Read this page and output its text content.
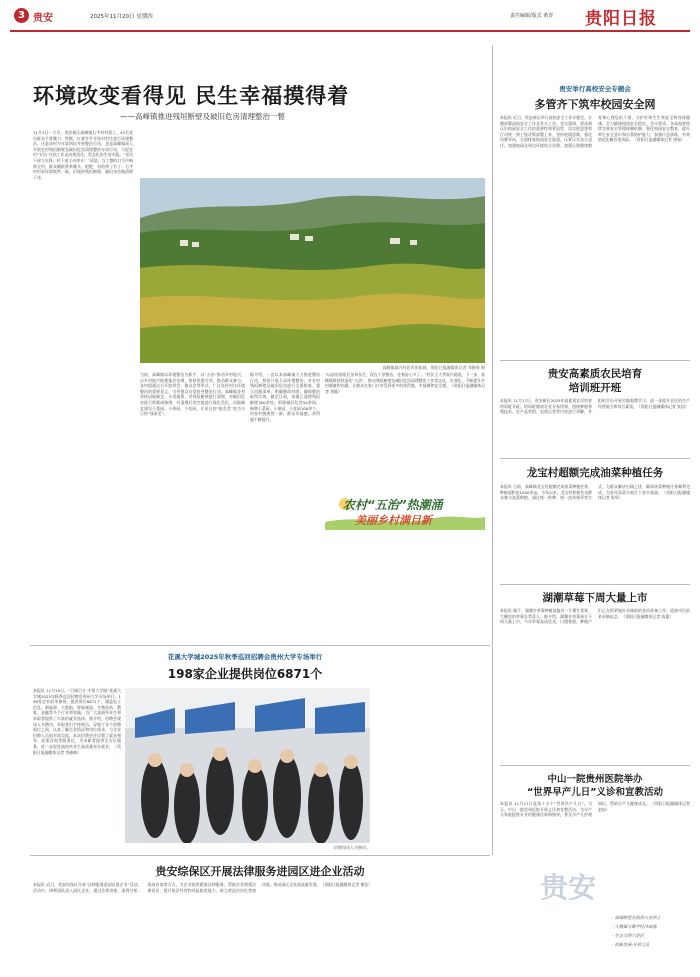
3 贵安	2025年11月20日 星期四	责任编辑/版式 黄青 贵阳日报
环境改变看得见 民生幸福摸得着
——高峰镇推进残垣断壁及破旧危房清理整治一瞥
11月5日一大早，贵安新区高峰镇石平村村道上，45名党员群众手拿锄刀、铁锹，扛着竹竿开始对村庄进行环境整治。这是该村今年第四次开展整治行动，也是高峰镇深入开展农村残垣断壁及破旧危房清理整治专项行动，力促农村“五治”这项工作走向规范化、常态化的生动实践。“党员干部当先锋，村干部主动带头！”清晨，当工整的口号声响彻全村，群众踊跃带来锄头、钯耙，有的带了竹子。石平村村容环境焕然一新，沿线的残垣断壁、破旧杂房被清理干净。
当前，高峰镇以环境整治为抓手，以“五治”推动乡村振兴，以乡村振兴助推基层治理，坚持党建引领，推动群众参与。各村组通过召开院坝会、群众会等形式，广泛宣传村庄环境整治的重要意义，引导群众自觉投身整治行动。高峰镇各村坚持因地制宜、分类施策，对残垣断壁进行清理，对破旧危房进行拆除或修缮，对清理后的空地进行绿化美化，因地制宜建设小菜园、小果园、小花园，让昔日的“脏乱差”变为今日的“绿净美”。
据介绍，一直以来高峰镇大力推进整治行动，持续开展人居环境整治，对农村残垣断壁及破旧危房进行全面排查，建立问题清单，明确整改时限，确保整治取得实效。截至目前，该镇已清理残垣断壁300余处，拆除破旧危房50余间，新增小菜园、小果园、小花园100余个，村容村貌焕然一新，群众幸福感、获得感不断提升。
“以前房前屋后杂草丛生，现在干净整洁，住着舒心多了。”村民王大爷高兴地说。下一步，高峰镇将持续深化“五治”，推动残垣断壁及破旧危房清理整治工作常态化、长效化，不断提升乡村颜值和内涵，让群众在家门口享受到更多的获得感、幸福感和安全感。（贵阳日报融媒体记者 刘璇）
高峰镇境内村居风景如画。贵阳日报融媒体记者 邓修春 摄
农村“五治”热潮涌
美丽乡村满目新
花溪大学城2025年秋季巡回招聘会贵州大学专场举行
198家企业提供岗位6871个
本报讯 11月19日，“百城百万·才聚大学城”花溪大学城2025年秋季巡回招聘会贵州大学专场举行。198家企业前来参展，提供岗位6871个，涵盖电子信息、新能源、大数据、智能制造、生物医药、教育、金融等多个行业和领域，为广大高校毕业生和求职者提供了丰富的就业选择。据介绍，招聘会现场人头攒动，求职者们手持简历，穿梭于各个招聘展位之间，认真了解企业情况和岗位需求，与企业招聘人员面对面交流。本次招聘会还设置了就业指导、政策咨询等服务区，为求职者提供全方位服务，进一步促进高校毕业生高质量充分就业。（贵阳日报融媒体记者 李雅梅）
招聘现场人头攒动。
贵安综保区开展法律服务进园区进企业活动
本报讯 近日，贵安综保区开展“法律服务进园区进企业”活动。活动中，律师团队深入园区企业，通过法律讲座、案例分析、现场咨询等方式，为企业提供精准法律服务，帮助企业增强法律意识，提升依法经营和风险防范能力，助力营造法治化营商环境，推动园区企业高质量发展。（贵阳日报融媒体记者 谢佳）
贵安举行高校安全专题会
多管齐下筑牢校园安全网
本报讯 近日，贵安新区举行高校安全工作专题会，专题部署高校安全工作及有关工作。会议强调，要深刻认识校园安全工作的重要性和紧迫性，切实把思想和行动统一到上级决策部署上来，坚持底线思维，强化问题导向，全面排查校园安全隐患，压紧压实各方责任，加强校园及周边环境综合治理，加强心理健康教育和心理危机干预，守护好师生生命安全和身体健康，全力确保校园安全稳定。会议要求，各高校要持续完善安全管理体制机制，强化校园安全教育，提升师生安全意识和自我防护能力，加强应急演练，有效防范化解各类风险。（贵阳日报融媒体记者 唐丽）
贵安高素质农民培育
培训班开班
本报讯 11月17日，贵安新区2025年高素质农民培育培训班开班。培训班邀请农业专家授课，围绕种植养殖技术、农产品营销、电商运营等内容进行讲解，并组织学员开展实地观摩学习，进一步提升农民的生产经营能力和综合素质。（贵阳日报融媒体记者 张国）
龙宝村超额完成油菜种植任务
本报讯 日前，高峰镇龙宝村超额完成油菜种植任务，种植面积达1000余亩。今年以来，龙宝村积极发动群众参与油菜种植，通过统一供种、统一技术指导等方式，为群众解决后顾之忧，确保油菜种植任务顺利完成，为来年油菜丰收打下坚实基础。（贵阳日报融媒体记者 陈华）
湖潮草莓下周大量上市
本报讯 眼下，湖潮乡草莓种植基地内一片繁忙景象，大棚里的草莓长势喜人。据介绍，湖潮乡草莓预计下周大量上市，今年草莓品质优良，口感香甜，种植户们正在抓紧做好采摘前的各项准备工作，迎接市民前来采摘品尝。（贵阳日报融媒体记者 陈惠）
中山一院贵州医院举办
“世界早产儿日”义诊和宣教活动
本报讯 11月17日是第十五个“世界早产儿日”。当天，中山一院贵州医院开展义诊和宣教活动，为早产儿家庭提供专业的健康咨询和指导，普及早产儿护理知识，帮助早产儿健康成长。（贵阳日报融媒体记者 赵灿）
贵安
· 高端制造业投资兴业热土
· 大数据与数字经济高地
· 生态文明示范区
· 创新发展·开放之区
